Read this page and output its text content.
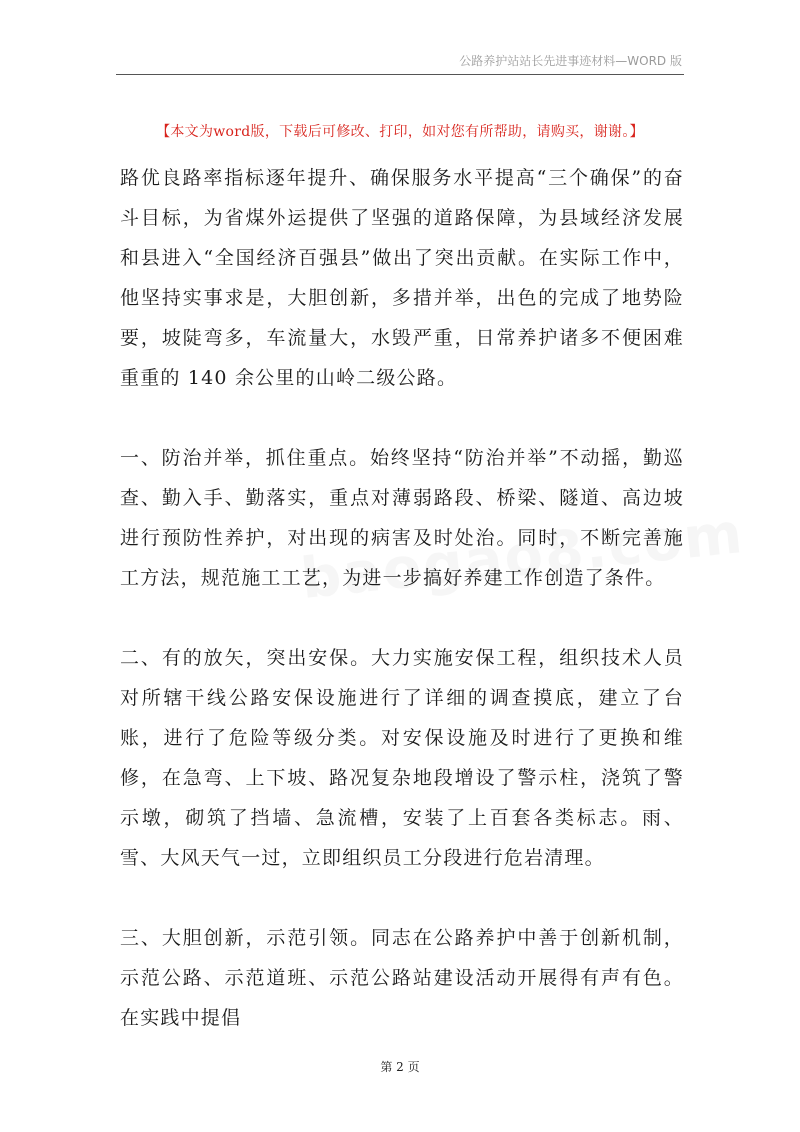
公路养护站站长先进事迹材料—WORD 版
【本文为word版，下载后可修改、打印，如对您有所帮助，请购买，谢谢。】

路优良路率指标逐年提升、确保服务水平提高“三个确保”的奋斗目标，为省煤外运提供了坚强的道路保障，为县域经济发展和县进入“全国经济百强县”做出了突出贡献。在实际工作中，他坚持实事求是，大胆创新，多措并举，出色的完成了地势险要，坡陡弯多，车流量大，水毁严重，日常养护诸多不便困难重重的 140 余公里的山岭二级公路。

一、防治并举，抓住重点。始终坚持“防治并举”不动摇，勤巡查、勤入手、勤落实，重点对薄弱路段、桥梁、隧道、高边坡进行预防性养护，对出现的病害及时处治。同时，不断完善施工方法，规范施工工艺，为进一步搞好养建工作创造了条件。

二、有的放矢，突出安保。大力实施安保工程，组织技术人员对所辖干线公路安保设施进行了详细的调查摸底，建立了台账，进行了危险等级分类。对安保设施及时进行了更换和维修，在急弯、上下坡、路况复杂地段增设了警示柱，浇筑了警示墩，砌筑了挡墙、急流槽，安装了上百套各类标志。雨、雪、大风天气一过，立即组织员工分段进行危岩清理。

三、大胆创新，示范引领。同志在公路养护中善于创新机制，示范公路、示范道班、示范公路站建设活动开展得有声有色。在实践中提倡

第 2 页
